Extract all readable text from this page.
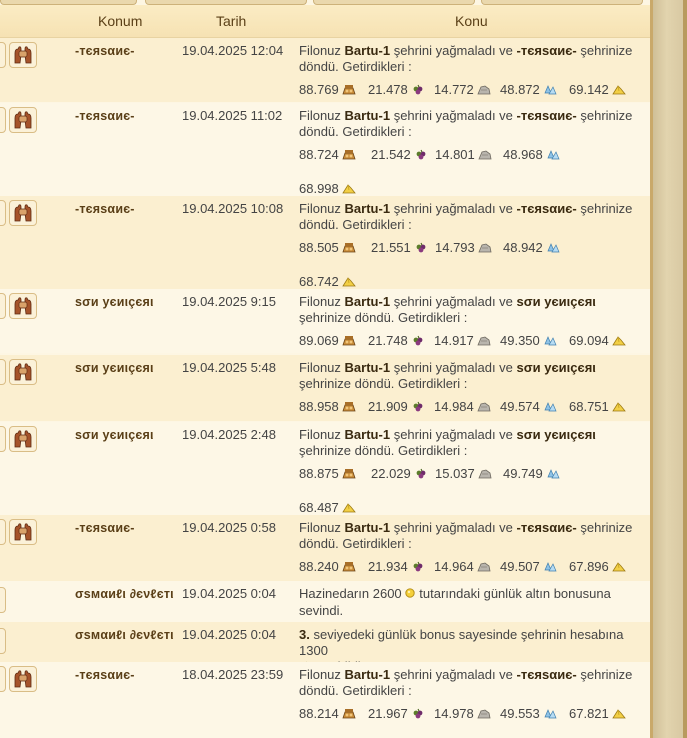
Konum	Tarih	Konu
-тєяѕαиє-	19.04.2025 12:04 Filonuz Bartu-1 şehrini yağmaladı ve -тєяѕαиє- şehrinize döndü. Getirdikleri :
88.769	21.478	14.772	48.872	69.142
-тєяѕαиє-	19.04.2025 11:02 Filonuz Bartu-1 şehrini yağmaladı ve -тєяѕαиє- şehrinize döndü. Getirdikleri :
88.724	21.542	14.801	48.968
68.998
-тєяѕαиє-	19.04.2025 10:08 Filonuz Bartu-1 şehrini yağmaladı ve -тєяѕαиє- şehrinize döndü. Getirdikleri :
88.505	21.551	14.793	48.942
68.742
ѕσи уєиιçєяι 19.04.2025 9:15 Filonuz Bartu-1 şehrini yağmaladı ve ѕσи уєиιçєяι şehrinize döndü. Getirdikleri :
89.069	21.748	14.917	49.350	69.094
ѕσи уєиιçєяι 19.04.2025 5:48 Filonuz Bartu-1 şehrini yağmaladı ve ѕσи уєиιçєяι şehrinize döndü. Getirdikleri :
88.958	21.909	14.984	49.574	68.751
ѕσи уєиιçєяι 19.04.2025 2:48 Filonuz Bartu-1 şehrini yağmaladı ve ѕσи уєиιçєяι şehrinize döndü. Getirdikleri :
88.875	22.029	15.037	49.749
68.487
-тєяѕαиє-	19.04.2025 0:58 Filonuz Bartu-1 şehrini yağmaladı ve -тєяѕαиє- şehrinize döndü. Getirdikleri :
88.240	21.934	14.964	49.507	67.896
σѕмαиℓι ∂єνℓєтι 19.04.2025 0:04 Hazinedarın 2600 tutarındaki günlük altın bonusuna sevindi.
σѕмαиℓι ∂єνℓєтι 19.04.2025 0:04 3. seviyedeki günlük bonus sayesinde şehrinin hesabına 1300

-тєяѕαиє-	18.04.2025 23:59 Filonuz Bartu-1 şehrini yağmaladı ve -тєяѕαиє- şehrinize döndü. Getirdikleri :
88.214	21.967	14.978	49.553	67.821
